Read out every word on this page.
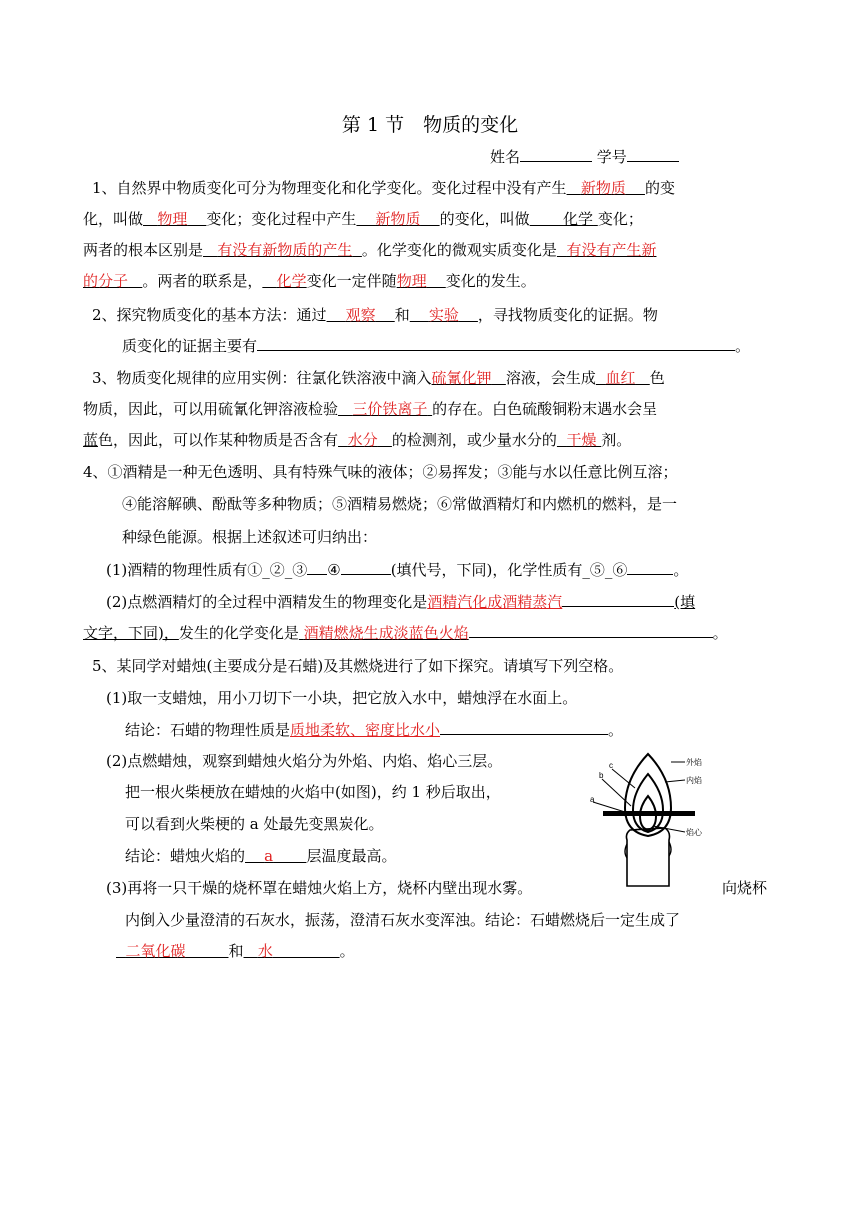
第 1 节　物质的变化
姓名	学号
1、自然界中物质变化可分为物理变化和化学变化。变化过程中没有产生 新物质 的变
化，叫做 物理 变化；变化过程中产生 新物质 的变化，叫做 化学 变化；
两者的根本区别是 有没有新物质的产生 。化学变化的微观实质变化是 有没有产生新
的分子 。两者的联系是， 化学变化一定伴随物理 变化的发生。
2、探究物质变化的基本方法：通过 观察 和 实验 ，寻找物质变化的证据。物
质变化的证据主要有	。
3、物质变化规律的应用实例：往氯化铁溶液中滴入硫氰化钾 溶液，会生成 血红 色
物质，因此，可以用硫氰化钾溶液检验 三价铁离子 的存在。白色硫酸铜粉末遇水会呈
蓝色，因此，可以作某种物质是否含有 水分 的检测剂，或少量水分的 干燥 剂。
4、①酒精是一种无色透明、具有特殊气味的液体；②易挥发；③能与水以任意比例互溶；
④能溶解碘、酚酞等多种物质；⑤酒精易燃烧；⑥常做酒精灯和内燃机的燃料，是一
种绿色能源。根据上述叙述可归纳出：
(1)酒精的物理性质有①_②_③ ④	(填代号，下同)，化学性质有_⑤_⑥	。
(2)点燃酒精灯的全过程中酒精发生的物理变化是酒精汽化成酒精蒸汽	(填
文字，下同)，发生的化学变化是 酒精燃烧生成淡蓝色火焰	。
5、某同学对蜡烛(主要成分是石蜡)及其燃烧进行了如下探究。请填写下列空格。
(1)取一支蜡烛，用小刀切下一小块，把它放入水中，蜡烛浮在水面上。
结论：石蜡的物理性质是质地柔软、密度比水小	。
(2)点燃蜡烛，观察到蜡烛火焰分为外焰、内焰、焰心三层。
把一根火柴梗放在蜡烛的火焰中(如图)，约 1 秒后取出，
可以看到火柴梗的 a 处最先变黑炭化。
结论：蜡烛火焰的 a 层温度最高。
(3)再将一只干燥的烧杯罩在蜡烛火焰上方，烧杯内壁出现水雾。	向烧杯
内倒入少量澄清的石灰水，振荡，澄清石灰水变浑浊。结论：石蜡燃烧后一定生成了
二氧化碳	和 水	。
外焰
内焰
焰心
c
b
a
